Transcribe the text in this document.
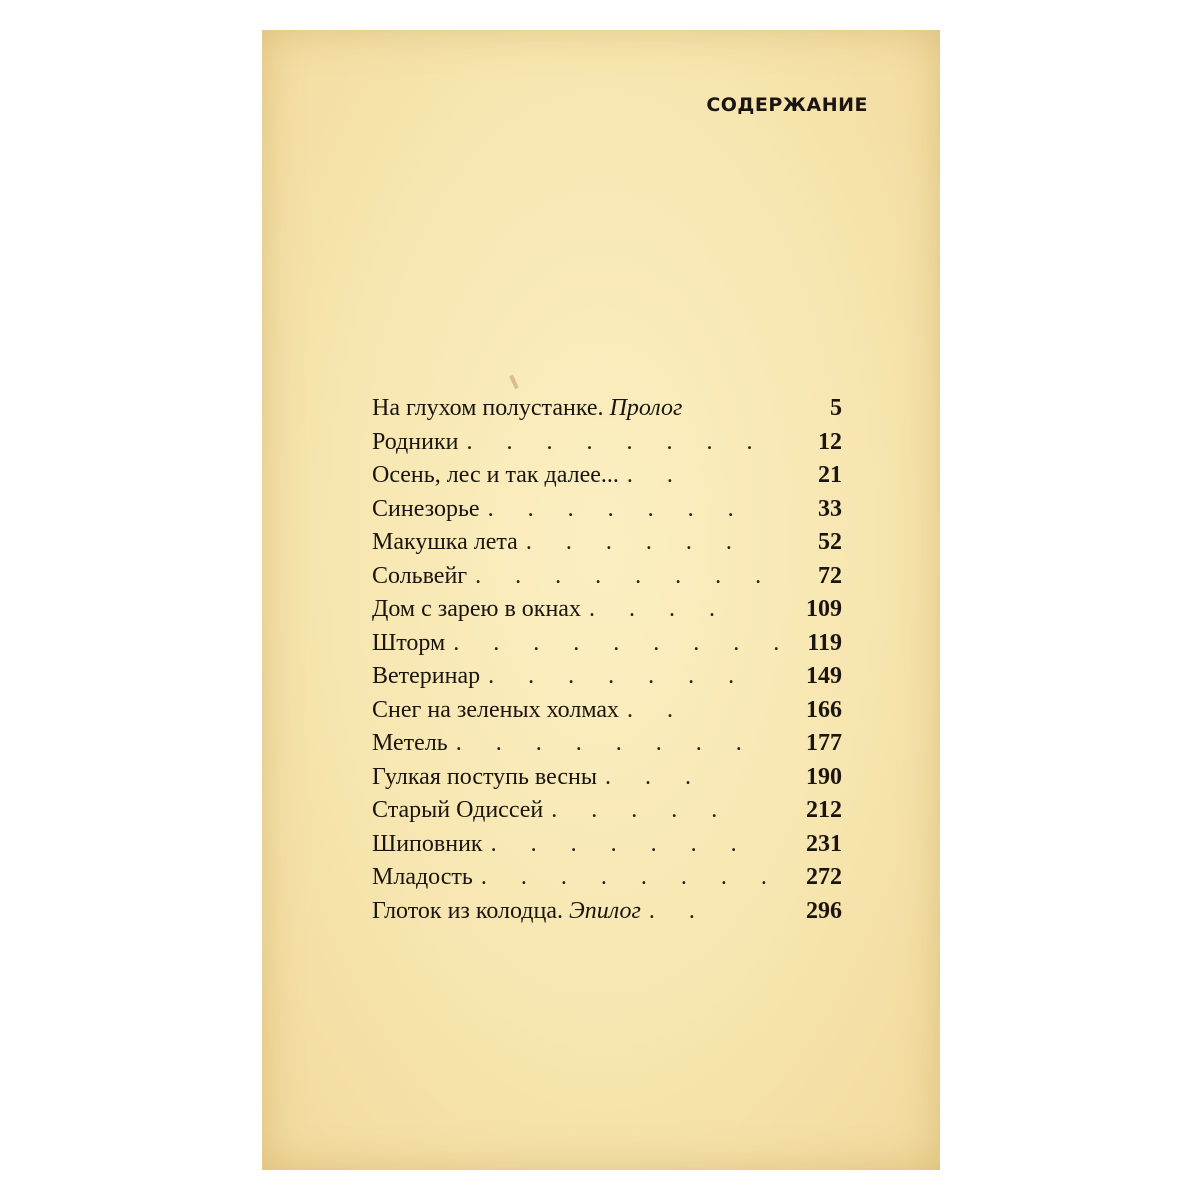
СОДЕРЖАНИЕ
На глухом полустанке. Пролог	5
Родники . . . . . . . .	12
Осень, лес и так далее... . .	21
Синезорье . . . . . . .	33
Макушка лета . . . . . .	52
Сольвейг . . . . . . . .	72
Дом с зарею в окнах . . . .	109
Шторм . . . . . . . . . 119
Ветеринар . . . . . . .	149
Снег на зеленых холмах . .	166
Метель . . . . . . . .	177
Гулкая поступь весны . . .	190
Старый Одиссей . . . . .	212
Шиповник . . . . . . .	231
Младость . . . . . . . .	272
Глоток из колодца. Эпилог . .	296
